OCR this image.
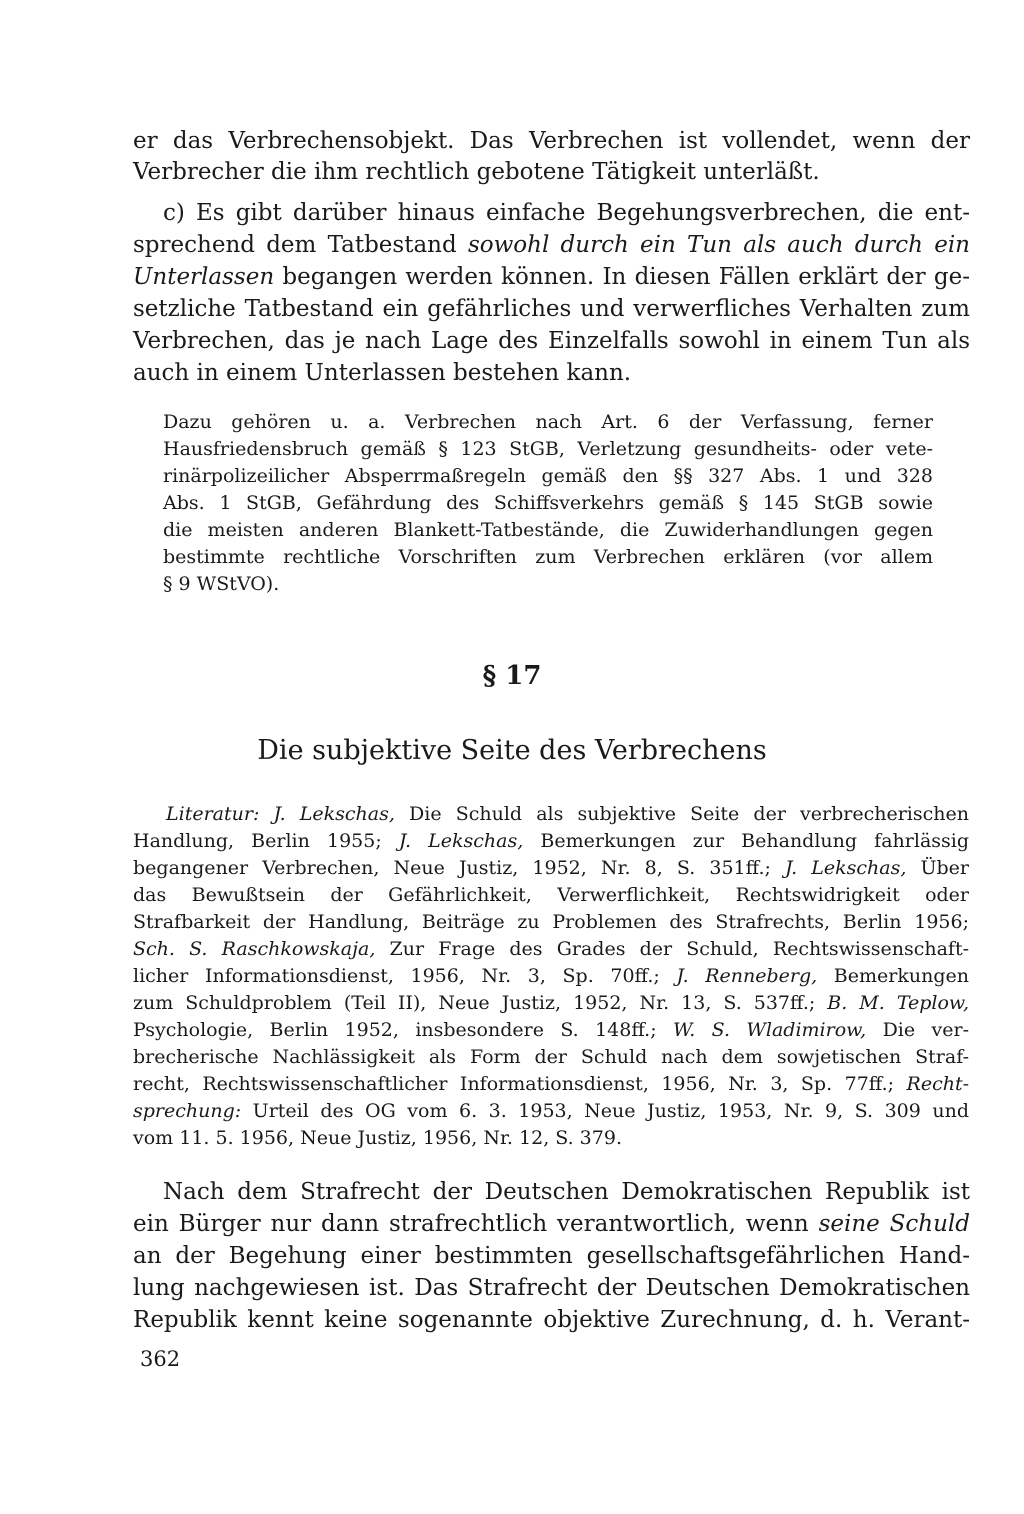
er das Verbrechensobjekt. Das Verbrechen ist vollendet, wenn der
Verbrecher die ihm rechtlich gebotene Tätigkeit unterläßt.
c) Es gibt darüber hinaus einfache Begehungsverbrechen, die ent-
sprechend dem Tatbestand sowohl durch ein Tun als auch durch ein
Unterlassen begangen werden können. In diesen Fällen erklärt der ge-
setzliche Tatbestand ein gefährliches und verwerfliches Verhalten zum
Verbrechen, das je nach Lage des Einzelfalls sowohl in einem Tun als
auch in einem Unterlassen bestehen kann.
Dazu gehören u. a. Verbrechen nach Art. 6 der Verfassung, ferner
Hausfriedensbruch gemäß § 123 StGB, Verletzung gesundheits- oder vete-
rinärpolizeilicher Absperrmaßregeln gemäß den §§ 327 Abs. 1 und 328
Abs. 1 StGB, Gefährdung des Schiffsverkehrs gemäß § 145 StGB sowie
die meisten anderen Blankett-Tatbestände, die Zuwiderhandlungen gegen
bestimmte rechtliche Vorschriften zum Verbrechen erklären (vor allem
§ 9 WStVO).
§ 17
Die subjektive Seite des Verbrechens
Literatur: J. Lekschas, Die Schuld als subjektive Seite der verbrecherischen
Handlung, Berlin 1955; J. Lekschas, Bemerkungen zur Behandlung fahrlässig
begangener Verbrechen, Neue Justiz, 1952, Nr. 8, S. 351ff.; J. Lekschas, Über
das Bewußtsein der Gefährlichkeit, Verwerflichkeit, Rechtswidrigkeit oder
Strafbarkeit der Handlung, Beiträge zu Problemen des Strafrechts, Berlin 1956;
Sch. S. Raschkowskaja, Zur Frage des Grades der Schuld, Rechtswissenschaft-
licher Informationsdienst, 1956, Nr. 3, Sp. 70ff.; J. Renneberg, Bemerkungen
zum Schuldproblem (Teil II), Neue Justiz, 1952, Nr. 13, S. 537ff.; B. M. Teplow,
Psychologie, Berlin 1952, insbesondere S. 148ff.; W. S. Wladimirow, Die ver-
brecherische Nachlässigkeit als Form der Schuld nach dem sowjetischen Straf-
recht, Rechtswissenschaftlicher Informationsdienst, 1956, Nr. 3, Sp. 77ff.; Recht-
sprechung: Urteil des OG vom 6. 3. 1953, Neue Justiz, 1953, Nr. 9, S. 309 und
vom 11. 5. 1956, Neue Justiz, 1956, Nr. 12, S. 379.
Nach dem Strafrecht der Deutschen Demokratischen Republik ist
ein Bürger nur dann strafrechtlich verantwortlich, wenn seine Schuld
an der Begehung einer bestimmten gesellschaftsgefährlichen Hand-
lung nachgewiesen ist. Das Strafrecht der Deutschen Demokratischen
Republik kennt keine sogenannte objektive Zurechnung, d. h. Verant-
362
